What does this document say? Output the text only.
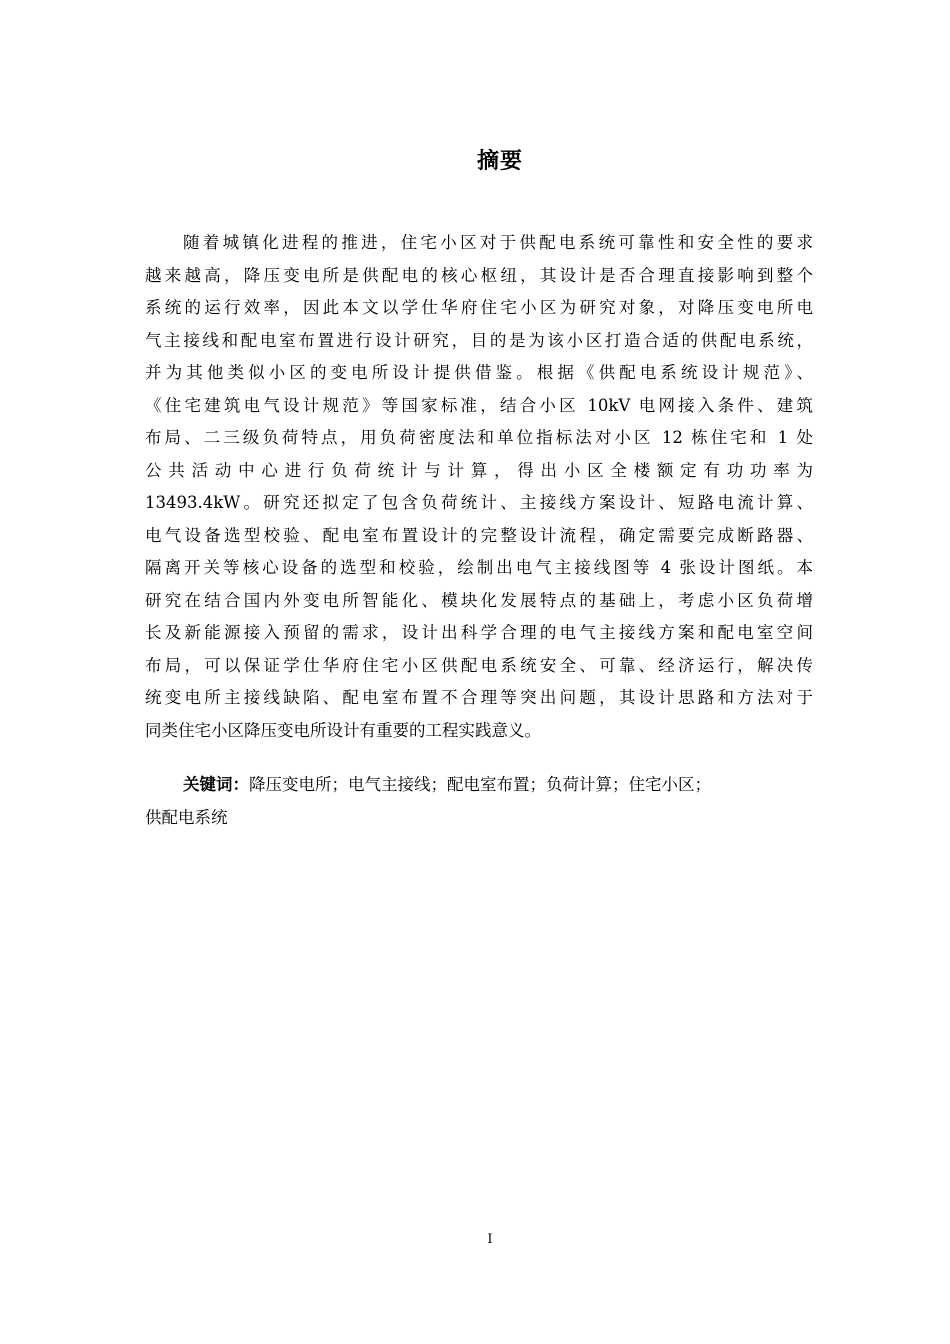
摘要
随着城镇化进程的推进，住宅小区对于供配电系统可靠性和安全性的要求
越来越高，降压变电所是供配电的核心枢纽，其设计是否合理直接影响到整个
系统的运行效率，因此本文以学仕华府住宅小区为研究对象，对降压变电所电
气主接线和配电室布置进行设计研究，目的是为该小区打造合适的供配电系统，
并为其他类似小区的变电所设计提供借鉴。根据《供配电系统设计规范》、
《住宅建筑电气设计规范》等国家标准，结合小区 10kV 电网接入条件、建筑
布局、二三级负荷特点，用负荷密度法和单位指标法对小区 12 栋住宅和 1 处
公共活动中心进行负荷统计与计算，得出小区全楼额定有功功率为
13493.4kW。研究还拟定了包含负荷统计、主接线方案设计、短路电流计算、
电气设备选型校验、配电室布置设计的完整设计流程，确定需要完成断路器、
隔离开关等核心设备的选型和校验，绘制出电气主接线图等 4 张设计图纸。本
研究在结合国内外变电所智能化、模块化发展特点的基础上，考虑小区负荷增
长及新能源接入预留的需求，设计出科学合理的电气主接线方案和配电室空间
布局，可以保证学仕华府住宅小区供配电系统安全、可靠、经济运行，解决传
统变电所主接线缺陷、配电室布置不合理等突出问题，其设计思路和方法对于
同类住宅小区降压变电所设计有重要的工程实践意义。
关键词：降压变电所；电气主接线；配电室布置；负荷计算；住宅小区；
供配电系统
I
